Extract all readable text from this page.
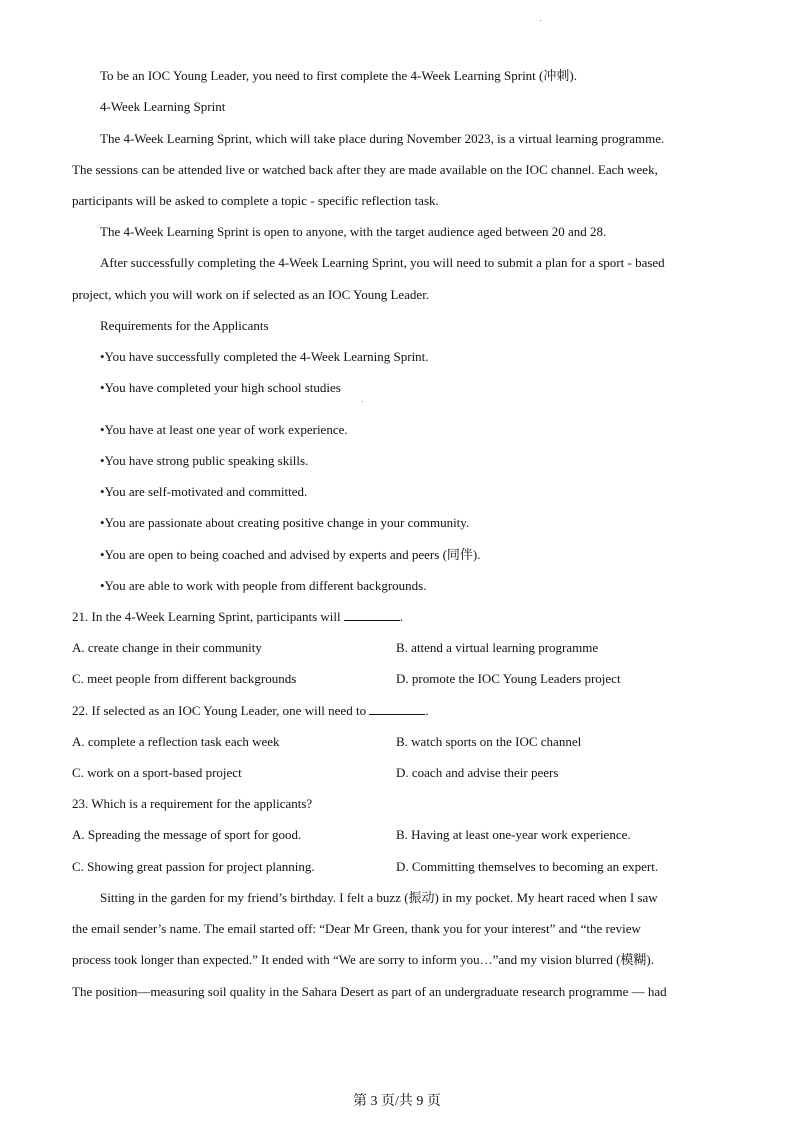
To be an IOC Young Leader, you need to first complete the 4-Week Learning Sprint (冲刺).
4-Week Learning Sprint
The 4-Week Learning Sprint, which will take place during November 2023, is a virtual learning programme.
The sessions can be attended live or watched back after they are made available on the IOC channel. Each week,
participants will be asked to complete a topic - specific reflection task.
The 4-Week Learning Sprint is open to anyone, with the target audience aged between 20 and 28.
After successfully completing the 4-Week Learning Sprint, you will need to submit a plan for a sport - based
project, which you will work on if selected as an IOC Young Leader.
Requirements for the Applicants
•You have successfully completed the 4-Week Learning Sprint.
•You have completed your high school studies
•You have at least one year of work experience.
•You have strong public speaking skills.
•You are self-motivated and committed.
•You are passionate about creating positive change in your community.
•You are open to being coached and advised by experts and peers (同伴).
•You are able to work with people from different backgrounds.
21. In the 4-Week Learning Sprint, participants will	.
A. create change in their community	B. attend a virtual learning programme
C. meet people from different backgrounds	D. promote the IOC Young Leaders project
22. If selected as an IOC Young Leader, one will need to	.
A. complete a reflection task each week	B. watch sports on the IOC channel
C. work on a sport-based project	D. coach and advise their peers
23. Which is a requirement for the applicants?
A. Spreading the message of sport for good.	B. Having at least one-year work experience.
C. Showing great passion for project planning.	D. Committing themselves to becoming an expert.
Sitting in the garden for my friend’s birthday. I felt a buzz (振动) in my pocket. My heart raced when I saw
the email sender’s name. The email started off: “Dear Mr Green, thank you for your interest” and “the review
process took longer than expected.” It ended with “We are sorry to inform you…”and my vision blurred (模糊).
The position—measuring soil quality in the Sahara Desert as part of an undergraduate research programme — had
第 3 页/共 9 页
